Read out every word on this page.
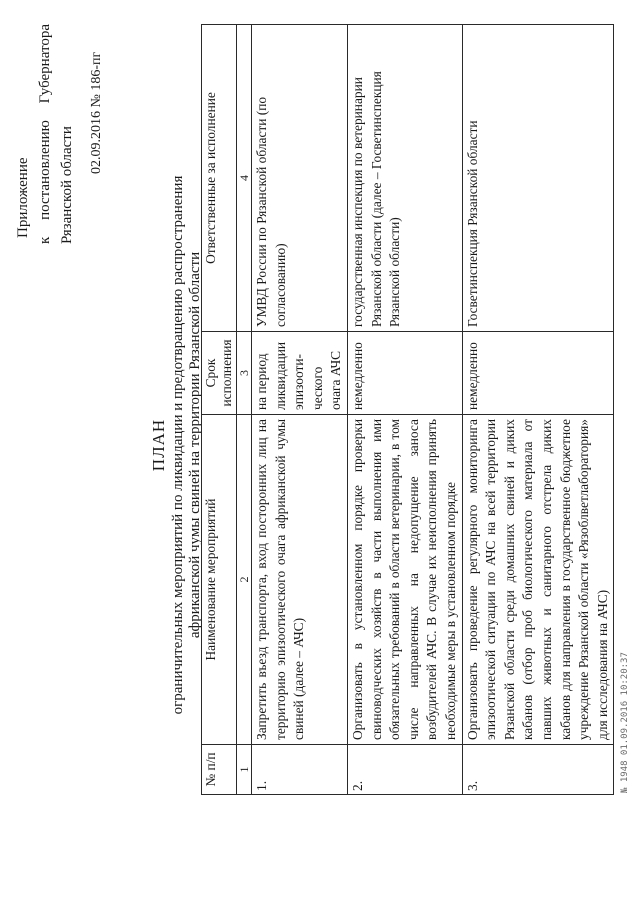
Приложение
к
постановлению
Губернатора
Рязанской области
02.09.2016 № 186-пг
ПЛАН ограничительных мероприятий по ликвидации и предотвращению распространения африканской чумы свиней на территории Рязанской области
№ п/п	Наименование мероприятий	Срок исполнения	Ответственные за исполнение
1	2	3	4
1.	Запретить въезд транспорта, вход посторонних лиц на территорию эпизоотического очага африканской чумы свиней (далее – АЧС)	на период ликвидации эпизооти-ческого очага АЧС	УМВД России по Рязанской области (по согласованию)
2.	Организовать в установленном порядке проверки свиноводческих хозяйств в части выполнения ими обязательных требований в области ветеринарии, в том числе направленных на недопущение заноса возбудителей АЧС. В случае их неисполнения принять необходимые меры в установленном порядке	немедленно	государственная инспекция по ветеринарии Рязанской области (далее – Госветинспекция Рязанской области)
3.	Организовать проведение регулярного мониторинга эпизоотической ситуации по АЧС на всей территории Рязанской области среди домашних свиней и диких кабанов (отбор проб биологического материала от павших животных и санитарного отстрела диких кабанов для направления в государственное бюджетное учреждение Рязанской области «Рязоблветлаборатория» для исследования на АЧС)	немедленно	Госветинспекция Рязанской области
№ 1948 01.09.2016 10:20:37
